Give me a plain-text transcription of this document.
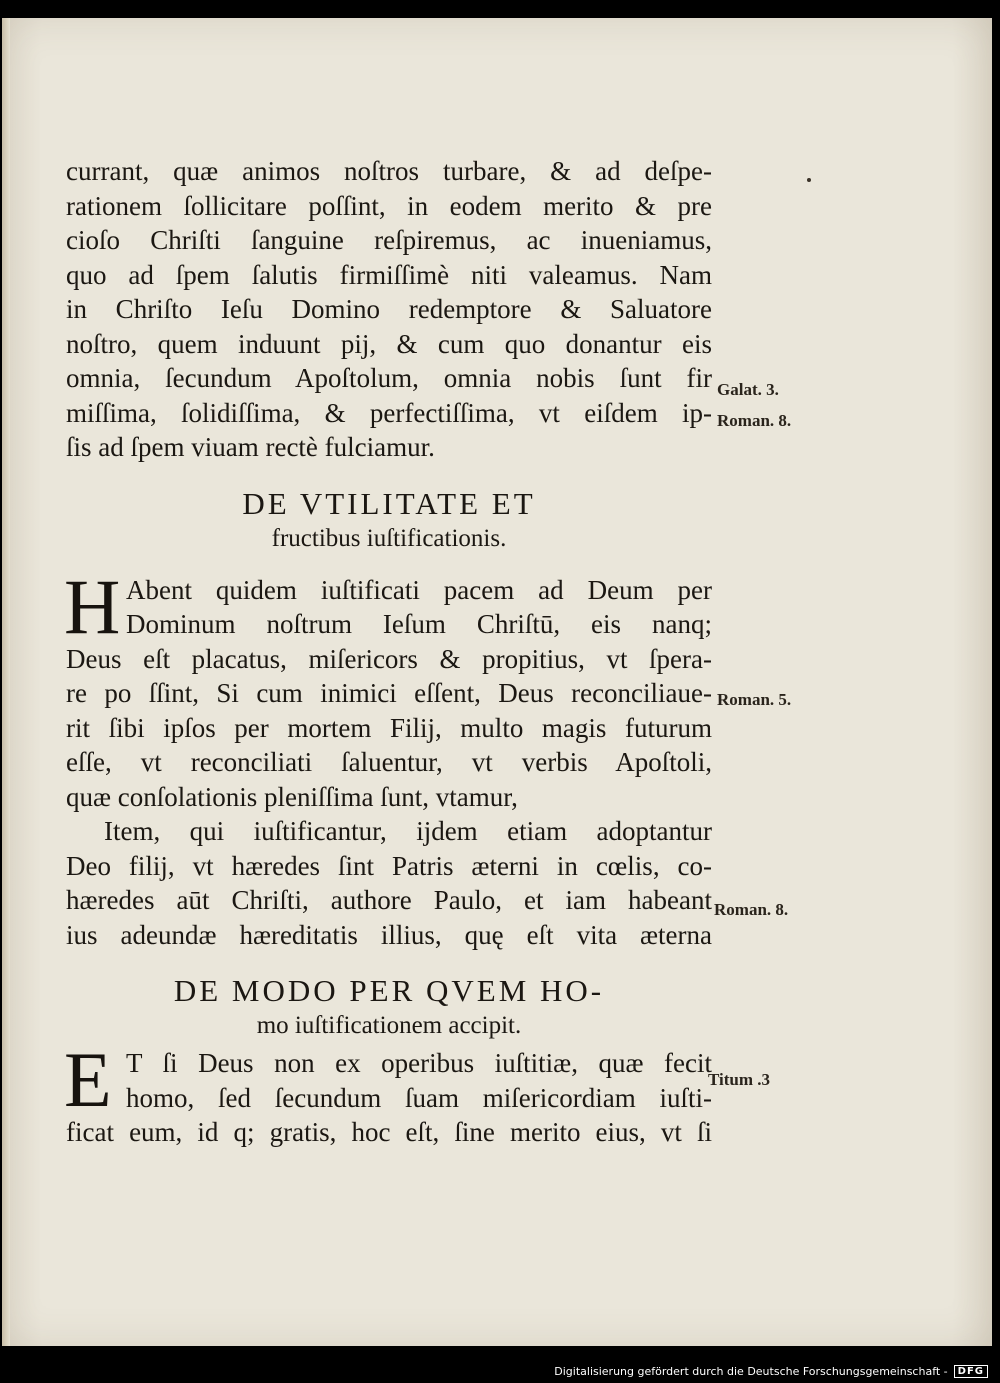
currant, quæ animos noſtros turbare, & ad deſpe-
rationem ſollicitare poſſint, in eodem merito & pre
cioſo Chriſti ſanguine reſpiremus, ac inueniamus,
quo ad ſpem ſalutis firmiſſimè niti valeamus. Nam
in Chriſto Ieſu Domino redemptore & Saluatore
noſtro, quem induunt pij, & cum quo donantur eis
omnia, ſecundum Apoſtolum, omnia nobis ſunt fir
miſſima, ſolidiſſima, & perfectiſſima, vt eiſdem ip-
ſis ad ſpem viuam rectè fulciamur.
DE VTILITATE ET
fructibus iuſtificationis.
H Abent quidem iuſtificati pacem ad Deum per
Dominum noſtrum Ieſum Chriſtū, eis nanq;
Deus eſt placatus, miſericors & propitius, vt ſpera-
re po ſſint, Si cum inimici eſſent, Deus reconciliaue-
rit ſibi ipſos per mortem Filij, multo magis futurum
eſſe, vt reconciliati ſaluentur, vt verbis Apoſtoli,
quæ conſolationis pleniſſima ſunt, vtamur,
Item, qui iuſtificantur, ijdem etiam adoptantur
Deo filij, vt hæredes ſint Patris æterni in cœlis, co-
hæredes aūt Chriſti, authore Paulo, et iam habeant
ius adeundæ hæreditatis illius, quę eſt vita æterna
DE MODO PER QVEM HO-
mo iuſtificationem accipit.
E T ſi Deus non ex operibus iuſtitiæ, quæ fecit
homo, ſed ſecundum ſuam miſericordiam iuſti-
ficat eum, id q; gratis, hoc eſt, ſine merito eius, vt ſi
Galat. 3.
Roman. 8.
Roman. 5.
Roman. 8.
Titum .3
Digitalisierung gefördert durch die Deutsche Forschungsgemeinschaft -	DFG
